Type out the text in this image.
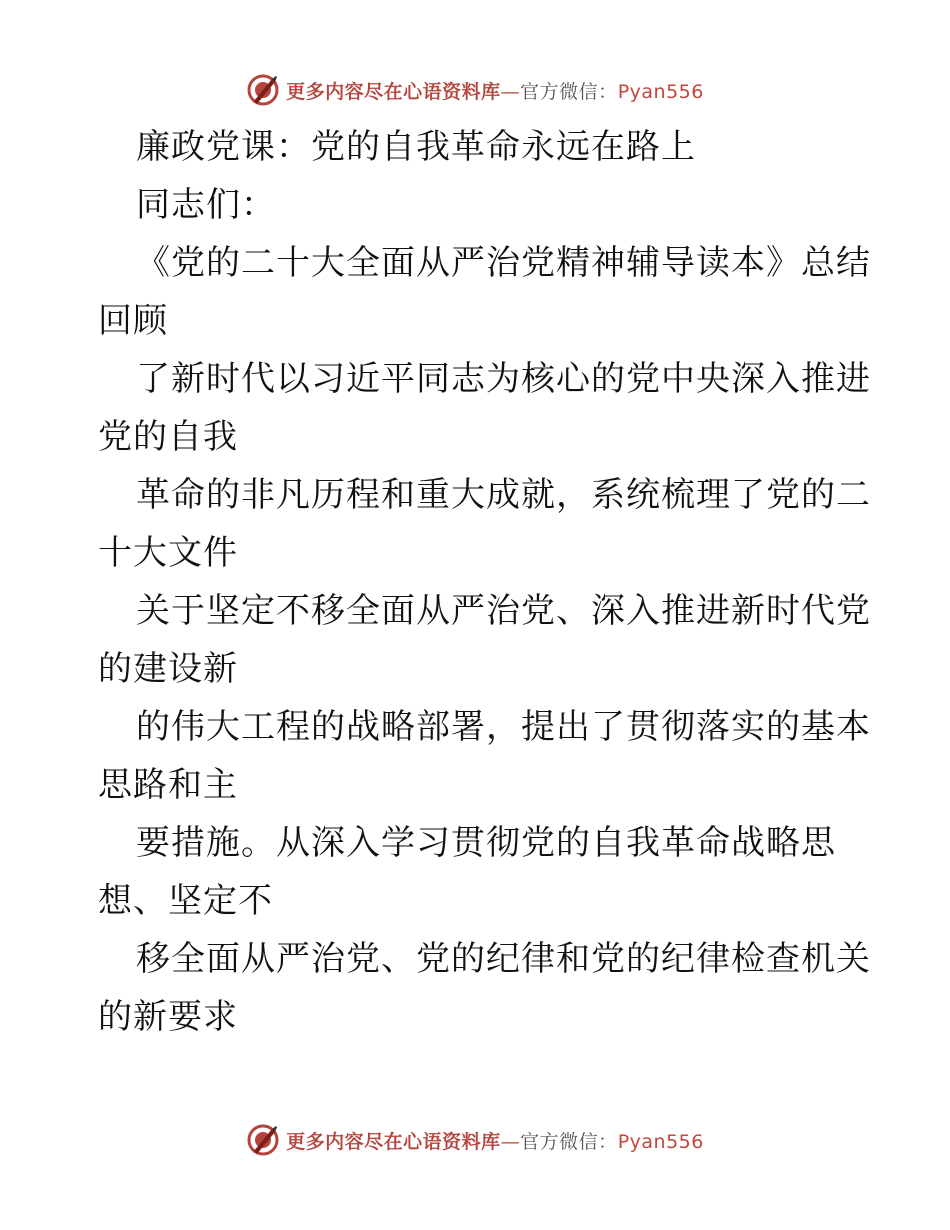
更多内容尽在心语资料库—官方微信：Pyan556
廉政党课：党的自我革命永远在路上
同志们：
《党的二十大全面从严治党精神辅导读本》总结
回顾
了新时代以习近平同志为核心的党中央深入推进
党的自我
革命的非凡历程和重大成就，系统梳理了党的二
十大文件
关于坚定不移全面从严治党、深入推进新时代党
的建设新
的伟大工程的战略部署，提出了贯彻落实的基本
思路和主
要措施。从深入学习贯彻党的自我革命战略思
想、坚定不
移全面从严治党、党的纪律和党的纪律检查机关
的新要求
更多内容尽在心语资料库—官方微信：Pyan556
